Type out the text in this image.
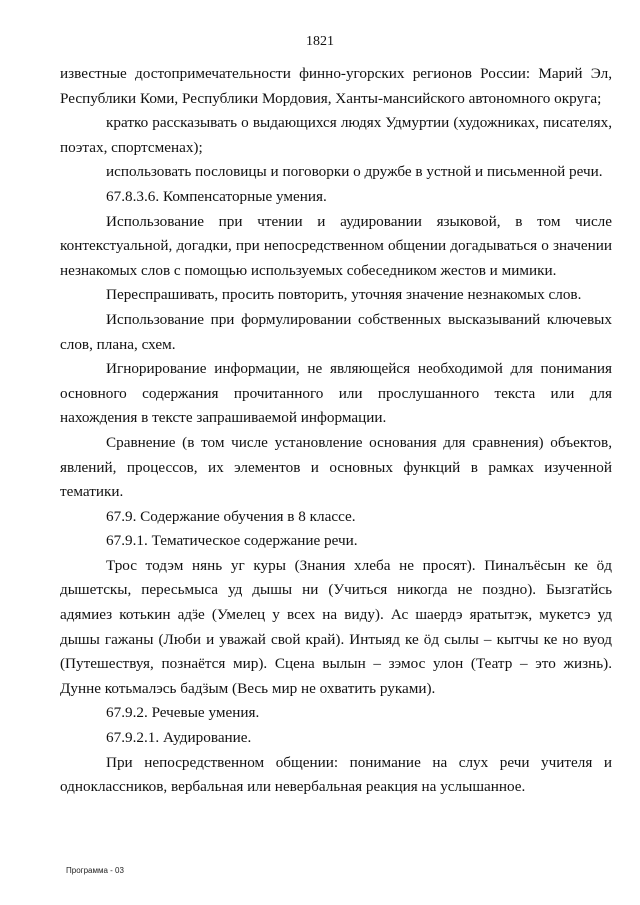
1821

известные достопримечательности финно-угорских регионов России: Марий Эл, Республики Коми, Республики Мордовия, Ханты-мансийского автономного округа;

кратко рассказывать о выдающихся людях Удмуртии (художниках, писателях, поэтах, спортсменах);

использовать пословицы и поговорки о дружбе в устной и письменной речи.

67.8.3.6. Компенсаторные умения.

Использование при чтении и аудировании языковой, в том числе контекстуальной, догадки, при непосредственном общении догадываться о значении незнакомых слов с помощью используемых собеседником жестов и мимики.

Переспрашивать, просить повторить, уточняя значение незнакомых слов.

Использование при формулировании собственных высказываний ключевых слов, плана, схем.

Игнорирование информации, не являющейся необходимой для понимания основного содержания прочитанного или прослушанного текста или для нахождения в тексте запрашиваемой информации.

Сравнение (в том числе установление основания для сравнения) объектов, явлений, процессов, их элементов и основных функций в рамках изученной тематики.

67.9. Содержание обучения в 8 классе.

67.9.1. Тематическое содержание речи.

Трос тодэм нянь уг куры (Знания хлеба не просят). Пиналъёсын ке ӧд дышетскы, пересьмыса уд дышы ни (Учиться никогда не поздно). Бызгатйсь адямиез котькин адӟе (Умелец у всех на виду). Ас шаердэ яратытэк, мукетсэ уд дышы гажаны (Люби и уважай свой край). Интыяд ке ӧд сылы – кытчы ке но вуод (Путешествуя, познаётся мир). Сцена вылын – зэмос улон (Театр – это жизнь). Дунне котьмалэсь бадӟым (Весь мир не охватить руками).

67.9.2. Речевые умения.

67.9.2.1. Аудирование.

При непосредственном общении: понимание на слух речи учителя и одноклассников, вербальная или невербальная реакция на услышанное.

Программа - 03
